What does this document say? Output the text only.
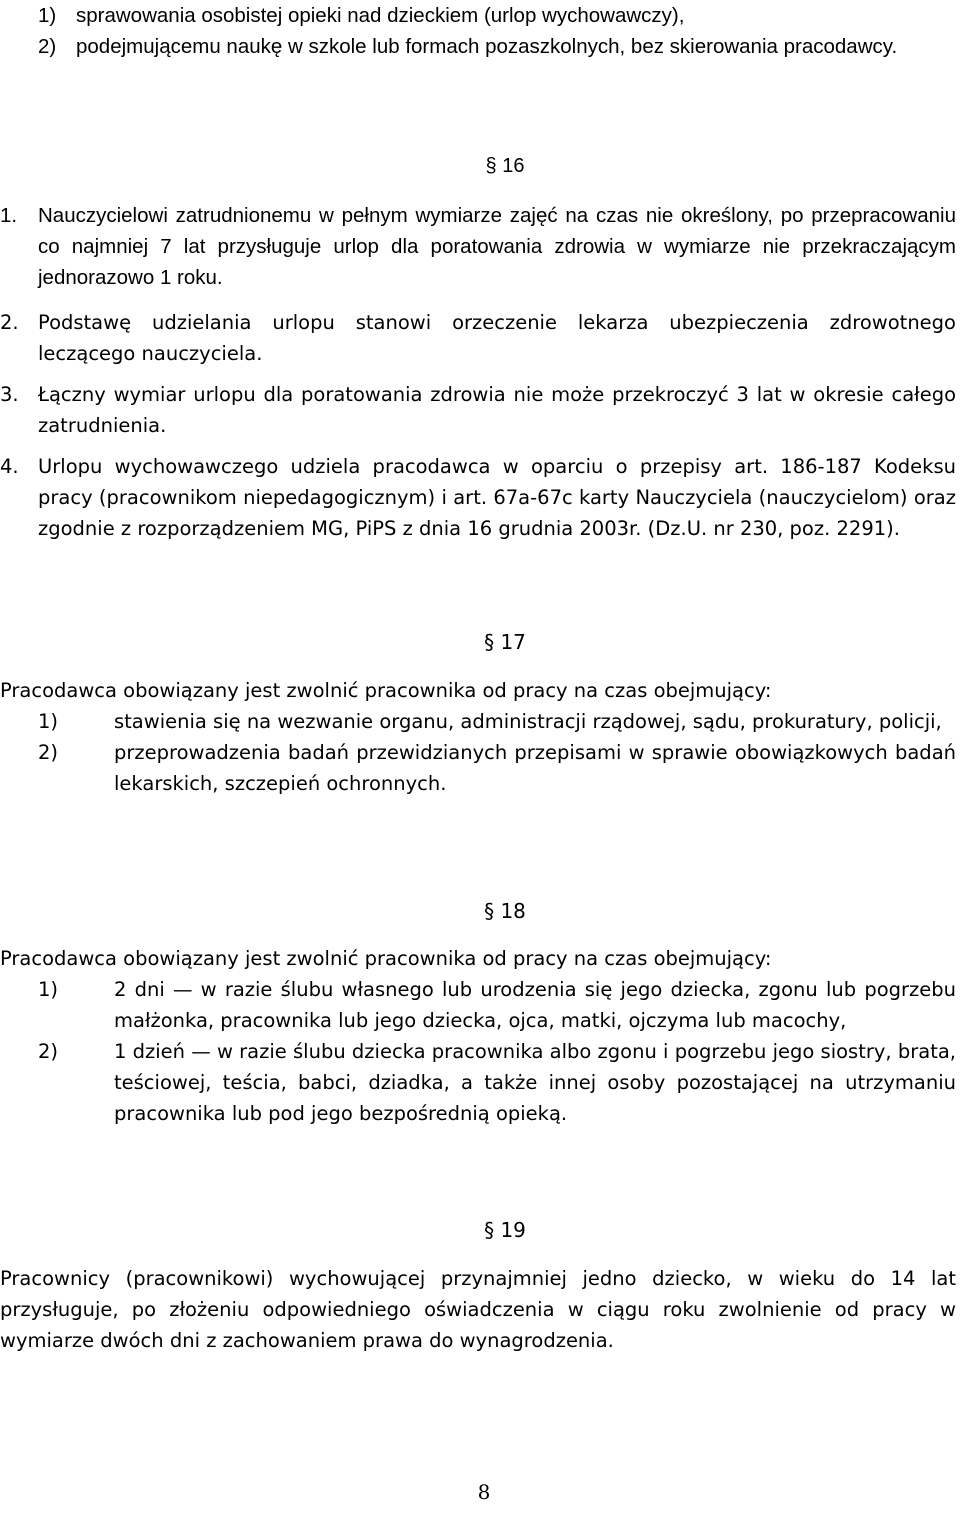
1) sprawowania osobistej opieki nad dzieckiem (urlop wychowawczy),
2) podejmującemu naukę w szkole lub formach pozaszkolnych, bez skierowania pracodawcy.
§ 16
1. Nauczycielowi zatrudnionemu w pełnym wymiarze zajęć na czas nie określony, po przepracowaniu co najmniej 7 lat przysługuje urlop dla poratowania zdrowia w wymiarze nie przekraczającym jednorazowo 1 roku.
2. Podstawę udzielania urlopu stanowi orzeczenie lekarza ubezpieczenia zdrowotnego leczącego nauczyciela.
3. Łączny wymiar urlopu dla poratowania zdrowia nie może przekroczyć 3 lat w okresie całego zatrudnienia.
4. Urlopu wychowawczego udziela pracodawca w oparciu o przepisy art. 186-187 Kodeksu pracy (pracownikom niepedagogicznym) i art. 67a-67c karty Nauczyciela (nauczycielom) oraz zgodnie z rozporządzeniem MG, PiPS z dnia 16 grudnia 2003r. (Dz.U. nr 230, poz. 2291).
§ 17
Pracodawca obowiązany jest zwolnić pracownika od pracy na czas obejmujący:
1)	stawienia się na wezwanie organu, administracji rządowej, sądu, prokuratury, policji,
2)	przeprowadzenia badań przewidzianych przepisami w sprawie obowiązkowych badań lekarskich, szczepień ochronnych.
§ 18
Pracodawca obowiązany jest zwolnić pracownika od pracy na czas obejmujący:
1)	2 dni — w razie ślubu własnego lub urodzenia się jego dziecka, zgonu lub pogrzebu małżonka, pracownika lub jego dziecka, ojca, matki, ojczyma lub macochy,
2)	1 dzień — w razie ślubu dziecka pracownika albo zgonu i pogrzebu jego siostry, brata, teściowej, teścia, babci, dziadka, a także innej osoby pozostającej na utrzymaniu pracownika lub pod jego bezpośrednią opieką.
§ 19
Pracownicy (pracownikowi) wychowującej przynajmniej jedno dziecko, w wieku do 14 lat przysługuje, po złożeniu odpowiedniego oświadczenia w ciągu roku zwolnienie od pracy w wymiarze dwóch dni z zachowaniem prawa do wynagrodzenia.
8
